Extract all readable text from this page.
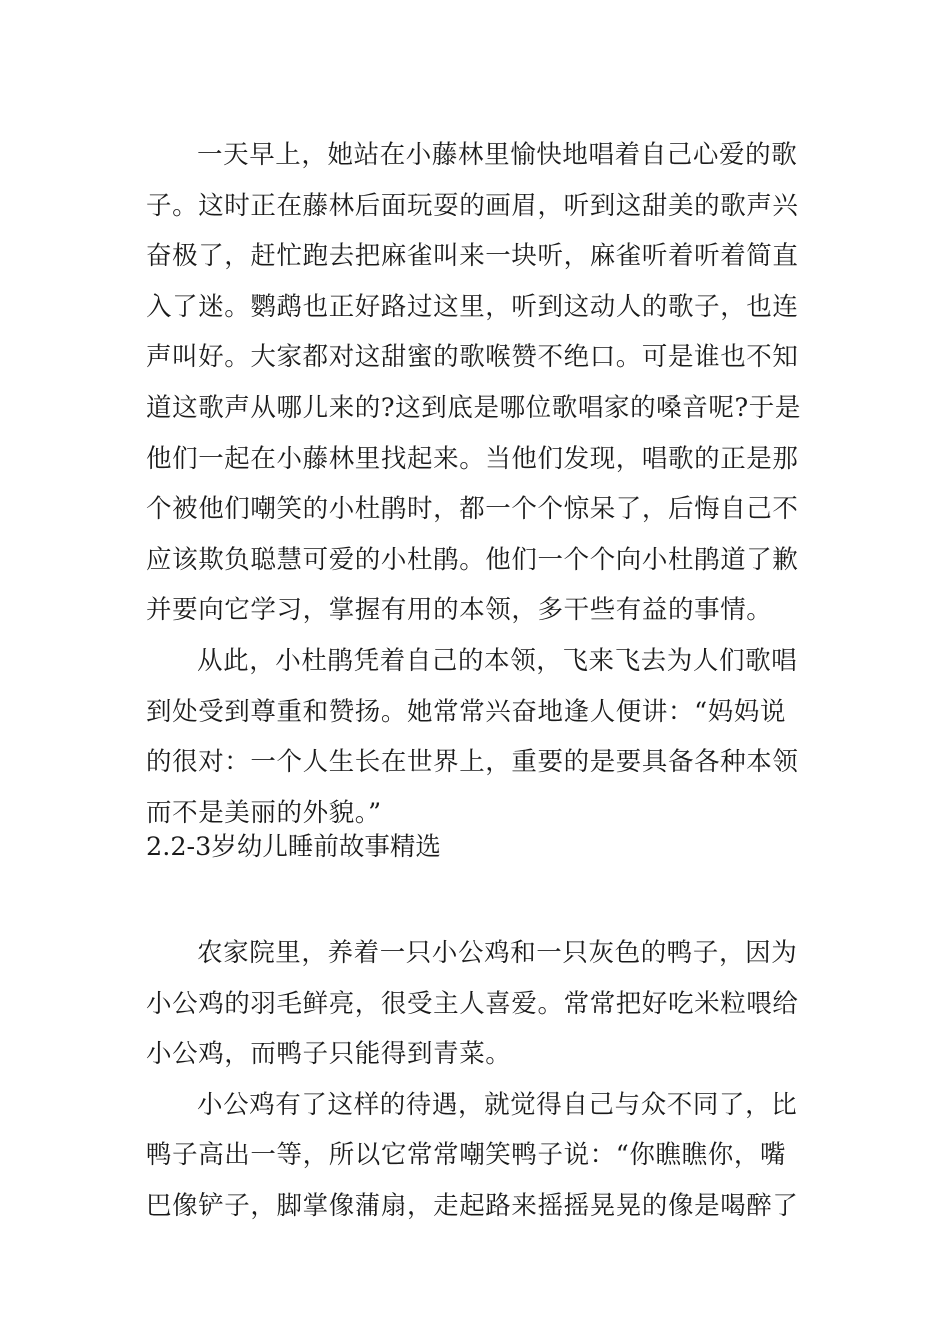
一天早上，她站在小藤林里愉快地唱着自己心爱的歌
子。这时正在藤林后面玩耍的画眉，听到这甜美的歌声兴
奋极了，赶忙跑去把麻雀叫来一块听，麻雀听着听着简直
入了迷。鹦鹉也正好路过这里，听到这动人的歌子，也连
声叫好。大家都对这甜蜜的歌喉赞不绝口。可是谁也不知
道这歌声从哪儿来的?这到底是哪位歌唱家的嗓音呢?于是
他们一起在小藤林里找起来。当他们发现，唱歌的正是那
个被他们嘲笑的小杜鹃时，都一个个惊呆了，后悔自己不
应该欺负聪慧可爱的小杜鹃。他们一个个向小杜鹃道了歉
并要向它学习，掌握有用的本领，多干些有益的事情。

从此，小杜鹃凭着自己的本领，飞来飞去为人们歌唱
到处受到尊重和赞扬。她常常兴奋地逢人便讲：“妈妈说
的很对：一个人生长在世界上，重要的是要具备各种本领
而不是美丽的外貌。”

2.2-3岁幼儿睡前故事精选

农家院里，养着一只小公鸡和一只灰色的鸭子，因为
小公鸡的羽毛鲜亮，很受主人喜爱。常常把好吃米粒喂给
小公鸡，而鸭子只能得到青菜。

小公鸡有了这样的待遇，就觉得自己与众不同了，比
鸭子高出一等，所以它常常嘲笑鸭子说：“你瞧瞧你，嘴
巴像铲子，脚掌像蒲扇，走起路来摇摇晃晃的像是喝醉了
